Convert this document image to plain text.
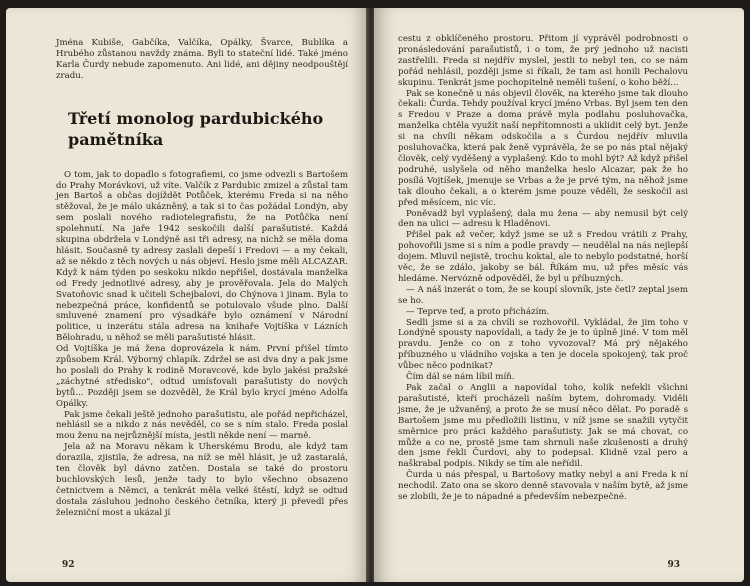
Jména Kubiše, Gabčíka, Valčíka, Opálky, Švarce, Bublíka a Hrubého zůstanou navždy známa. Byli to stateční lidé. Také jméno Karla Čurdy nebude zapomenuto. Ani lidé, ani dějiny neodpouštějí zradu.

Třetí monolog pardubického pamětníka

O tom, jak to dopadlo s fotografiemi, co jsme odvezli s Bartošem do Prahy Morávkovi, už víte. Valčík z Pardubic zmizel a zůstal tam jen Bartoš a občas dojíždět Potůček, kterému Freda si na něho stěžoval, že je málo ukázněný, a tak si to čas požádal Londýn, aby sem poslali nového radiotelegrafistu, že na Potůčka není spolehnutí. Na jaře 1942 seskočili další parašutisté. Každá skupina obdržela v Londýně asi tři adresy, na nichž se měla doma hlásit. Současně ty adresy zaslali depeší i Fredovi — a my čekali, až se někdo z těch nových u nás objeví. Heslo jsme měli ALCAZAR. Když k nám týden po seskoku nikdo nepřišel, dostávala manželka od Fredy jednotlivé adresy, aby je prověřovala. Jela do Malých Svatoňovic snad k učiteli Schejbalovi, do Chýnova i jinam. Byla to nebezpečná práce, konfidentů se potulovalo všude plno. Další smluvené znamení pro výsadkáře bylo oznámení v Národní politice, u inzerátu stála adresa na knihaře Vojtíška v Lázních Bělohradu, u něhož se měli parašutisté hlásit.

Od Vojtíška je má žena doprovázela k nám. První přišel tímto způsobem Král. Výborný chlapík. Zdržel se asi dva dny a pak jsme ho poslali do Prahy k rodině Moravcově, kde bylo jakési pražské „záchytné středisko", odtud umísťovali parašutisty do nových bytů... Později jsem se dozvěděl, že Král bylo krycí jméno Adolfa Opálky.

Pak jsme čekali ještě jednoho parašutistu, ale pořád nepřicházel, nehlásil se a nikdo z nás nevěděl, co se s ním stalo. Freda poslal mou ženu na nejrůznější místa, jestli někde není — marně.

Jela až na Moravu někam k Uherskému Brodu, ale když tam dorazila, zjistila, že adresa, na níž se měl hlásit, je už zastaralá, ten člověk byl dávno zatčen. Dostala se také do prostoru buchlovských lesů, jenže tady to bylo všechno obsazeno četnictvem a Němci, a tenkrát měla velké štěstí, když se odtud dostala zásluhou jednoho českého četníka, který ji převedl přes železniční most a ukázal jí

92

cestu z obklíčeného prostoru. Přitom jí vyprávěl podrobnosti o pronásledování parašutistů, i o tom, že prý jednoho už nacisti zastřelili. Freda si nejdřív myslel, jestli to nebyl ten, co se nám pořád nehlásil, později jsme si říkali, že tam asi honili Pechalovu skupinu. Tenkrát jsme pochopitelně neměli tušení, o koho běží...

Pak se konečně u nás objevil člověk, na kterého jsme tak dlouho čekali: Čurda. Tehdy používal krycí jméno Vrbas. Byl jsem ten den s Fredou v Praze a doma právě myla podlahu posluhovačka, manželka chtěla využít naší nepřítomnosti a uklidit celý byt. Jenže si na chvíli někam odskočila a s Čurdou nejdřív mluvila posluhovačka, která pak ženě vyprávěla, že se po nás ptal nějaký člověk, celý vyděšený a vyplašený. Kdo to mohl být? Až když přišel podruhé, uslyšela od něho manželka heslo Alcazar, pak že ho posílá Vojtíšek, jmenuje se Vrbas a že je prvé tým, na něhož jsme tak dlouho čekali, a o kterém jsme pouze věděli, že seskočil asi před měsícem, nic víc.

Poněvadž byl vyplašený, dala mu žena — aby nemusil být celý den na ulici — adresu k Hladěnovi.

Přišel pak až večer, když jsme se už s Fredou vrátili z Prahy, pohovořili jsme si s ním a podle pravdy — neudělal na nás nejlepší dojem. Mluvil nejistě, trochu koktal, ale to nebylo podstatné, horší věc, že se zdálo, jakoby se bál. Říkám mu, už přes měsíc vás hledáme. Nervózně odpověděl, že byl u příbuzných.

— A náš inzerát o tom, že se koupí slovník, jste četl? zeptal jsem se ho.

— Teprve teď, a proto přicházím.

Sedli jsme si a za chvíli se rozhovořil. Vykládal, že jim toho v Londýně spousty napovídali, a tady že je to úplně jiné. V tom měl pravdu. Jenže co on z toho vyvozoval? Má prý nějakého příbuzného u vládního vojska a ten je docela spokojený, tak proč vůbec něco podnikat?

Čím dál se nám líbil míň.

Pak začal o Anglii a napovídal toho, kolik nefekli všichni parašutisté, kteří procházeli naším bytem, dohromady. Viděli jsme, že je užvaněný, a proto že se musí něco dělat. Po poradě s Bartošem jsme mu předložili listinu, v níž jsme se snažili vytyčit směrnice pro práci každého parašutisty. Jak se má chovat, co může a co ne, prostě jsme tam shrnuli naše zkušenosti a druhý den jsme řekli Čurdovi, aby to podepsal. Klidně vzal pero a naškrabal podpis. Nikdy se tím ale neřídil.

Čurda u nás přespal, u Bartošovy matky nebyl a ani Freda k ní nechodil. Zato ona se skoro denně stavovala v naším bytě, až jsme se zlobili, že je to nápadné a především nebezpečné.

93
